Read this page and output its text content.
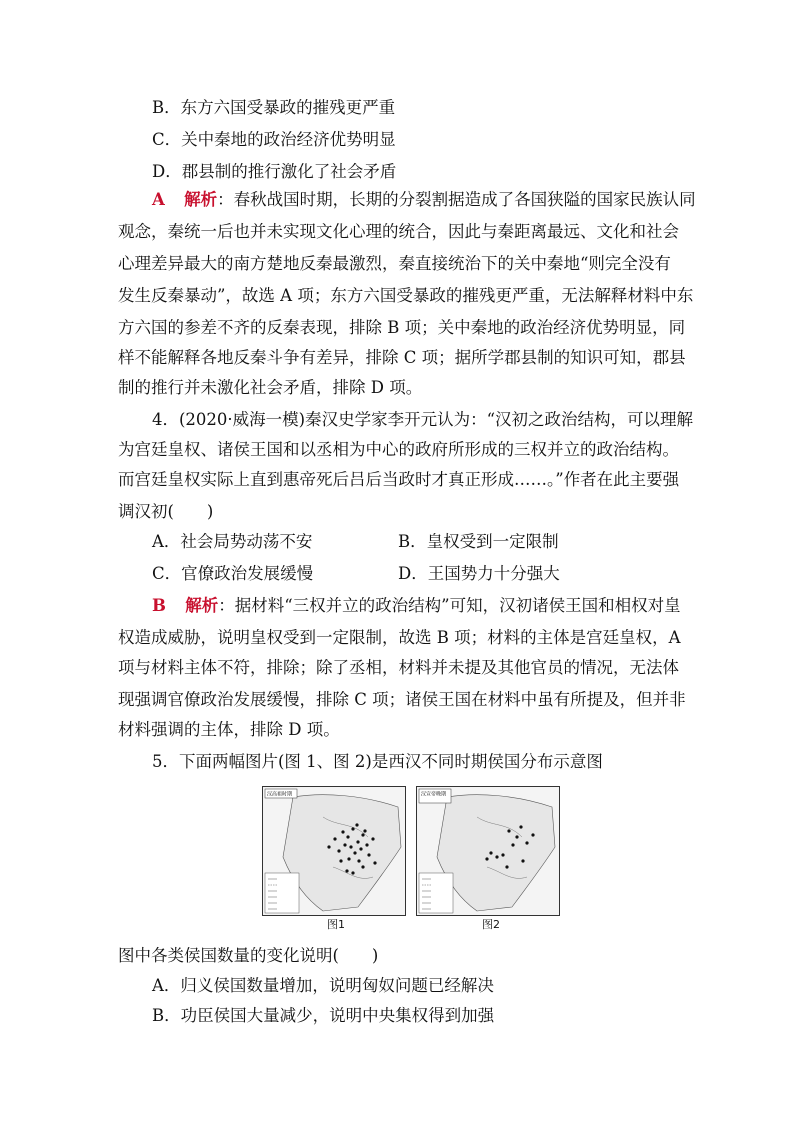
B．东方六国受暴政的摧残更严重
C．关中秦地的政治经济优势明显
D．郡县制的推行激化了社会矛盾
A 解析：春秋战国时期，长期的分裂割据造成了各国狭隘的国家民族认同
观念，秦统一后也并未实现文化心理的统合，因此与秦距离最远、文化和社会
心理差异最大的南方楚地反秦最激烈，秦直接统治下的关中秦地“则完全没有
发生反秦暴动”，故选 A 项；东方六国受暴政的摧残更严重，无法解释材料中东
方六国的参差不齐的反秦表现，排除 B 项；关中秦地的政治经济优势明显，同
样不能解释各地反秦斗争有差异，排除 C 项；据所学郡县制的知识可知，郡县
制的推行并未激化社会矛盾，排除 D 项。
4．(2020·威海一模)秦汉史学家李开元认为：“汉初之政治结构，可以理解
为宫廷皇权、诸侯王国和以丞相为中心的政府所形成的三权并立的政治结构。
而宫廷皇权实际上直到惠帝死后吕后当政时才真正形成……。”作者在此主要强
调汉初(　　)
A．社会局势动荡不安	B．皇权受到一定限制
C．官僚政治发展缓慢	D．王国势力十分强大
B 解析：据材料“三权并立的政治结构”可知，汉初诸侯王国和相权对皇
权造成威胁，说明皇权受到一定限制，故选 B 项；材料的主体是宫廷皇权，A
项与材料主体不符，排除；除了丞相，材料并未提及其他官员的情况，无法体
现强调官僚政治发展缓慢，排除 C 项；诸侯王国在材料中虽有所提及，但并非
材料强调的主体，排除 D 项。
5．下面两幅图片(图 1、图 2)是西汉不同时期侯国分布示意图
汉高祖时期
图1
汉宣帝晚期
图2
图中各类侯国数量的变化说明(　　)
A．归义侯国数量增加，说明匈奴问题已经解决
B．功臣侯国大量减少，说明中央集权得到加强
